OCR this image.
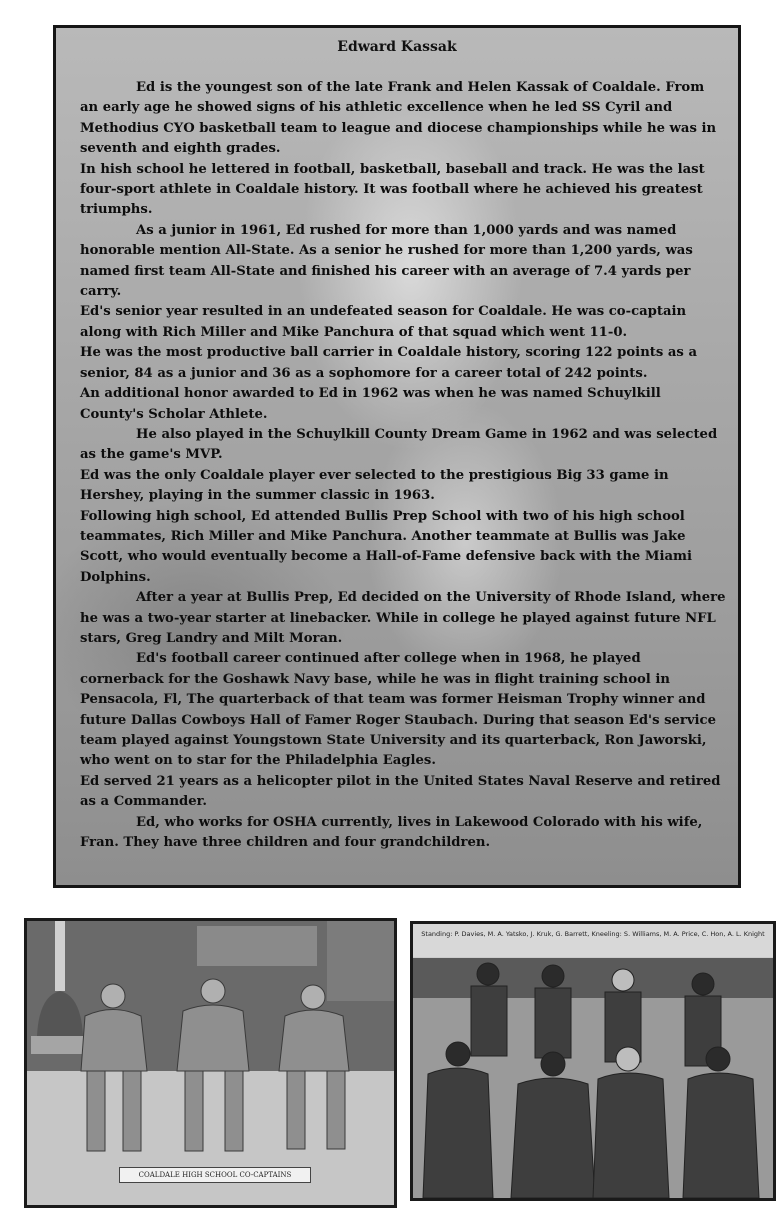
Edward Kassak

Ed is the youngest son of the late Frank and Helen Kassak of Coaldale. From an early age he showed signs of his athletic excellence when he led SS Cyril and Methodius CYO basketball team to league and diocese championships while he was in seventh and eighth grades.

In hish school he lettered in football, basketball, baseball and track. He was the last four-sport athlete in Coaldale history. It was football where he achieved his greatest triumphs.

As a junior in 1961, Ed rushed for more than 1,000 yards and was named honorable mention All-State. As a senior he rushed for more than 1,200 yards, was named first team All-State and finished his career with an average of 7.4 yards per carry.

Ed's senior year resulted in an undefeated season for Coaldale. He was co-captain along with Rich Miller and Mike Panchura of that squad which went 11-0.

He was the most productive ball carrier in Coaldale history, scoring 122 points as a senior, 84 as a junior and 36 as a sophomore for a career total of 242 points.

An additional honor awarded to Ed in 1962 was when he was named Schuylkill County's Scholar Athlete.

He also played in the Schuylkill County Dream Game in 1962 and was selected as the game's MVP.

Ed was the only Coaldale player ever selected to the prestigious Big 33 game in Hershey, playing in the summer classic in 1963.

Following high school, Ed attended Bullis Prep School with two of his high school teammates, Rich Miller and Mike Panchura. Another teammate at Bullis was Jake Scott, who would eventually become a Hall-of-Fame defensive back with the Miami Dolphins.

After a year at Bullis Prep, Ed decided on the University of Rhode Island, where he was a two-year starter at linebacker. While in college he played against future NFL stars, Greg Landry and Milt Moran.

Ed's football career continued after college when in 1968, he played cornerback for the Goshawk Navy base, while he was in flight training school in Pensacola, Fl, The quarterback of that team was former Heisman Trophy winner and future Dallas Cowboys Hall of Famer Roger Staubach. During that season Ed's service team played against Youngstown State University and its quarterback, Ron Jaworski, who went on to star for the Philadelphia Eagles.

Ed served 21 years as a helicopter pilot in the United States Naval Reserve and retired as a Commander.

Ed, who works for OSHA currently, lives in Lakewood Colorado with his wife, Fran. They have three children and four grandchildren.

COALDALE HIGH SCHOOL CO-CAPTAINS
Standing: P. Davies, M. A. Yatsko, J. Kruk, G. Barrett, Kneeling: S. Williams, M. A. Price, C. Hon, A. L. Knight
